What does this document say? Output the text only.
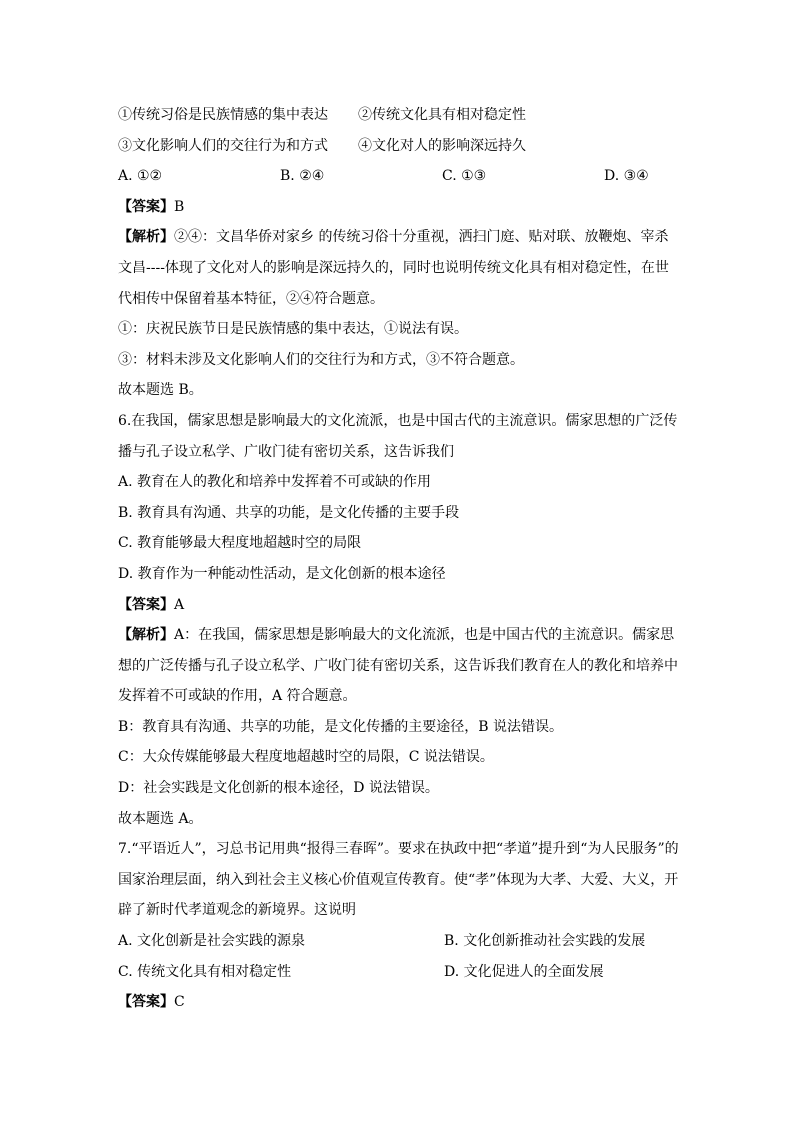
①传统习俗是民族情感的集中表达	②传统文化具有相对稳定性
③文化影响人们的交往行为和方式	④文化对人的影响深远持久
A. ①②	B. ②④	C. ①③	D. ③④
【答案】B
【解析】②④：文昌华侨对家乡 的传统习俗十分重视，洒扫门庭、贴对联、放鞭炮、宰杀
文昌----体现了文化对人的影响是深远持久的，同时也说明传统文化具有相对稳定性，在世
代相传中保留着基本特征，②④符合题意。
①：庆祝民族节日是民族情感的集中表达，①说法有误。
③：材料未涉及文化影响人们的交往行为和方式，③不符合题意。
故本题选 B。
6.在我国，儒家思想是影响最大的文化流派，也是中国古代的主流意识。儒家思想的广泛传
播与孔子设立私学、广收门徒有密切关系，这告诉我们
A. 教育在人的教化和培养中发挥着不可或缺的作用
B. 教育具有沟通、共享的功能，是文化传播的主要手段
C. 教育能够最大程度地超越时空的局限
D. 教育作为一种能动性活动，是文化创新的根本途径
【答案】A
【解析】A：在我国，儒家思想是影响最大的文化流派，也是中国古代的主流意识。儒家思
想的广泛传播与孔子设立私学、广收门徒有密切关系，这告诉我们教育在人的教化和培养中
发挥着不可或缺的作用，A 符合题意。
B：教育具有沟通、共享的功能，是文化传播的主要途径，B 说法错误。
C：大众传媒能够最大程度地超越时空的局限，C 说法错误。
D：社会实践是文化创新的根本途径，D 说法错误。
故本题选 A。
7.“平语近人”，习总书记用典“报得三春晖”。要求在执政中把“孝道”提升到“为人民服务”的
国家治理层面，纳入到社会主义核心价值观宣传教育。使“孝”体现为大孝、大爱、大义，开
辟了新时代孝道观念的新境界。这说明
A. 文化创新是社会实践的源泉	B. 文化创新推动社会实践的发展
C. 传统文化具有相对稳定性	D. 文化促进人的全面发展
【答案】C
